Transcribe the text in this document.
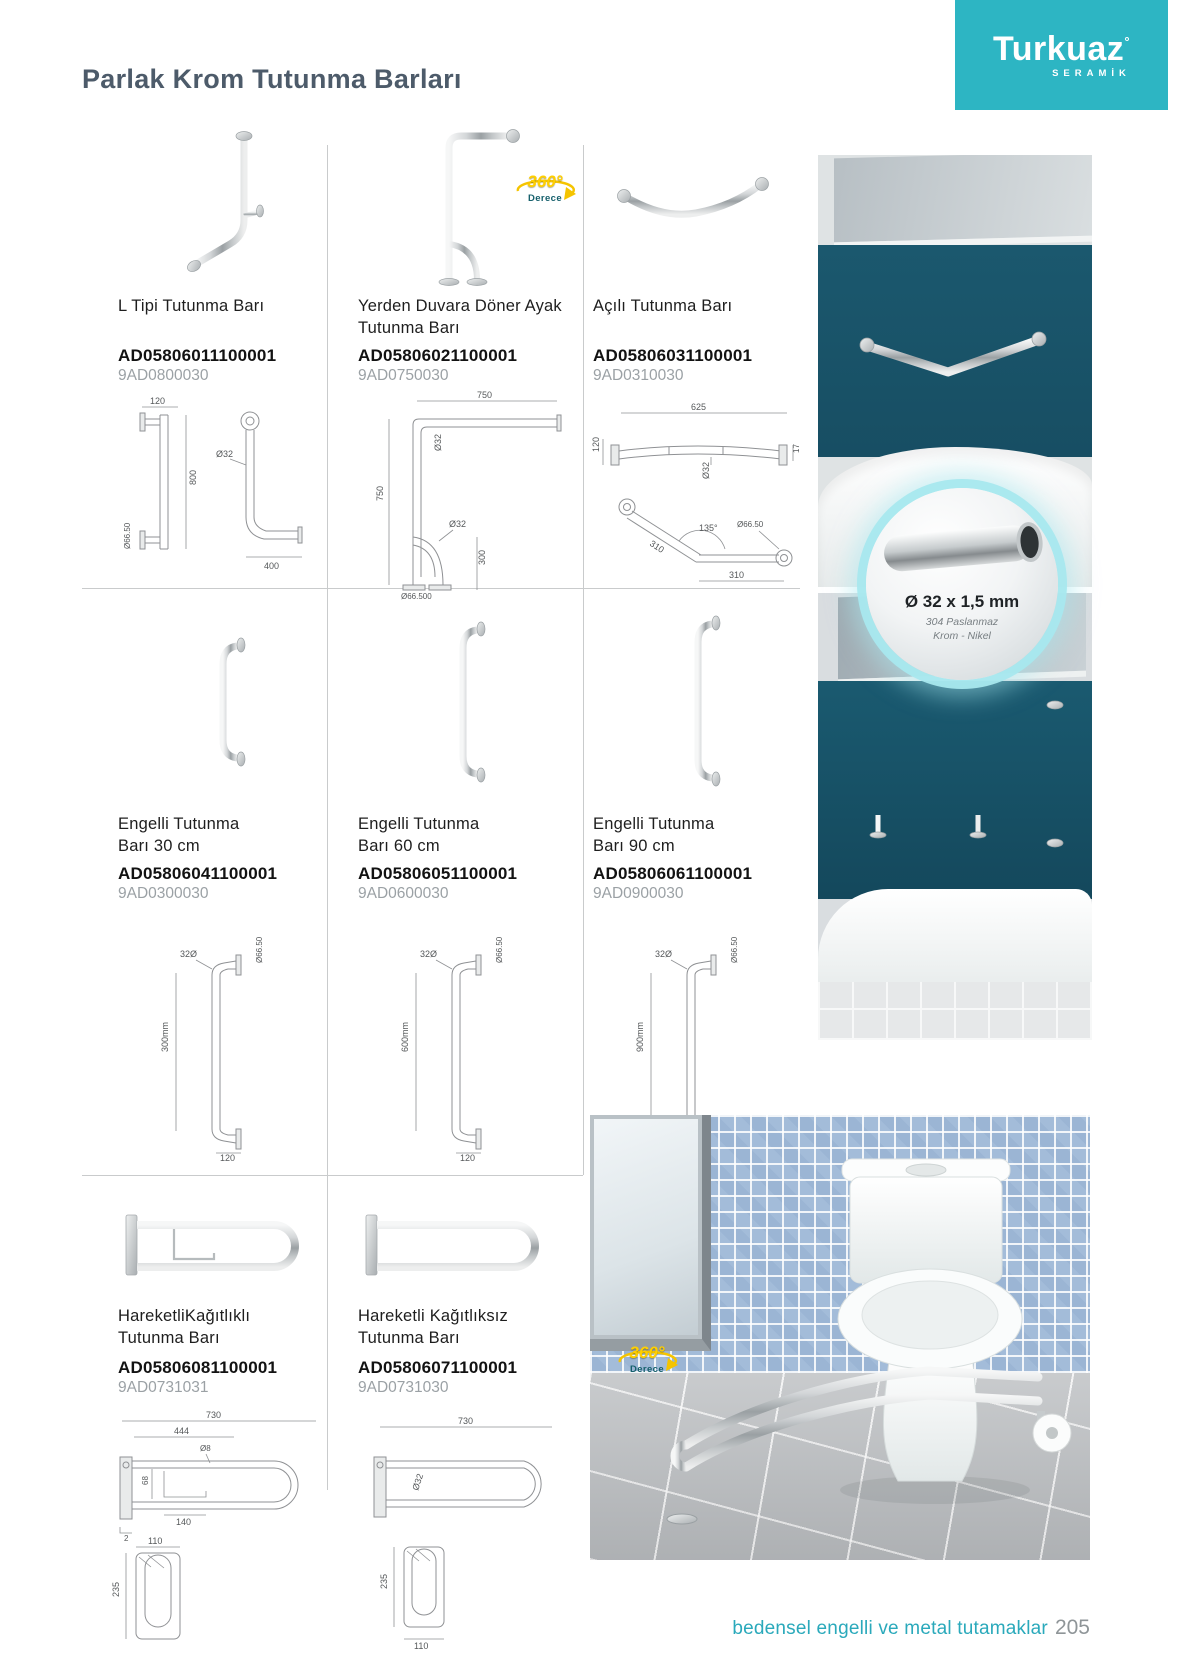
Turkuaz°
SERAMİK
Parlak Krom Tutunma Barları
L Tipi Tutunma Barı
AD05806011100001
9AD0800030
120
800
Ø66.50
Ø32
400
360°
Derece
Yerden Duvara Döner Ayak
Tutunma Barı
AD05806021100001
9AD0750030
750
Ø32
750
Ø32
300
Ø66.500
Açılı Tutunma Barı
AD05806031100001
9AD0310030
625
120
Ø32
17
135°
310
310
Ø66.50
Engelli Tutunma
Barı 30 cm
AD05806041100001
9AD0300030
32Ø	Ø66.50
300mm
120
Engelli Tutunma
Barı 60 cm
AD05806051100001
9AD0600030
32Ø	Ø66.50
600mm
120
Engelli Tutunma
Barı 90 cm
AD05806061100001
9AD0900030
32Ø	Ø66.50
900mm
HareketliKağıtlıklı
Tutunma Barı
AD05806081100001
9AD0731031
730
444
Ø8
68
140
2 110
235
Hareketli Kağıtlıksız
Tutunma Barı
AD05806071100001
9AD0731030
730
Ø32
235
110
Ø 32 x 1,5 mm
304 Paslanmaz
Krom - Nikel
360°
Derece
bedensel engelli ve metal tutamaklar 205
